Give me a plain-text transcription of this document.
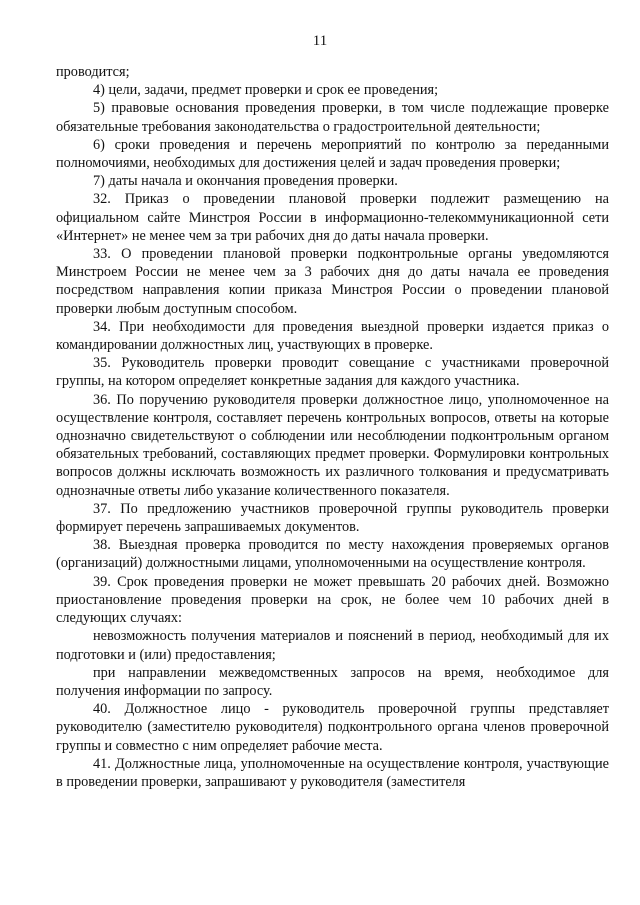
11

проводится;

4) цели, задачи, предмет проверки и срок ее проведения;

5) правовые основания проведения проверки, в том числе подлежащие проверке обязательные требования законодательства о градостроительной деятельности;

6) сроки проведения и перечень мероприятий по контролю за переданными полномочиями, необходимых для достижения целей и задач проведения проверки;

7) даты начала и окончания проведения проверки.

32. Приказ о проведении плановой проверки подлежит размещению на официальном сайте Минстроя России в информационно-телекоммуникационной сети «Интернет» не менее чем за три рабочих дня до даты начала проверки.

33. О проведении плановой проверки подконтрольные органы уведомляются Минстроем России не менее чем за 3 рабочих дня до даты начала ее проведения посредством направления копии приказа Минстроя России о проведении плановой проверки любым доступным способом.

34. При необходимости для проведения выездной проверки издается приказ о командировании должностных лиц, участвующих в проверке.

35. Руководитель проверки проводит совещание с участниками проверочной группы, на котором определяет конкретные задания для каждого участника.

36. По поручению руководителя проверки должностное лицо, уполномоченное на осуществление контроля, составляет перечень контрольных вопросов, ответы на которые однозначно свидетельствуют о соблюдении или несоблюдении подконтрольным органом обязательных требований, составляющих предмет проверки. Формулировки контрольных вопросов должны исключать возможность их различного толкования и предусматривать однозначные ответы либо указание количественного показателя.

37. По предложению участников проверочной группы руководитель проверки формирует перечень запрашиваемых документов.

38. Выездная проверка проводится по месту нахождения проверяемых органов (организаций) должностными лицами, уполномоченными на осуществление контроля.

39. Срок проведения проверки не может превышать 20 рабочих дней. Возможно приостановление проведения проверки на срок, не более чем 10 рабочих дней в следующих случаях:

невозможность получения материалов и пояснений в период, необходимый для их подготовки и (или) предоставления;

при направлении межведомственных запросов на время, необходимое для получения информации по запросу.

40. Должностное лицо - руководитель проверочной группы представляет руководителю (заместителю руководителя) подконтрольного органа членов проверочной группы и совместно с ним определяет рабочие места.

41. Должностные лица, уполномоченные на осуществление контроля, участвующие в проведении проверки, запрашивают у руководителя (заместителя
